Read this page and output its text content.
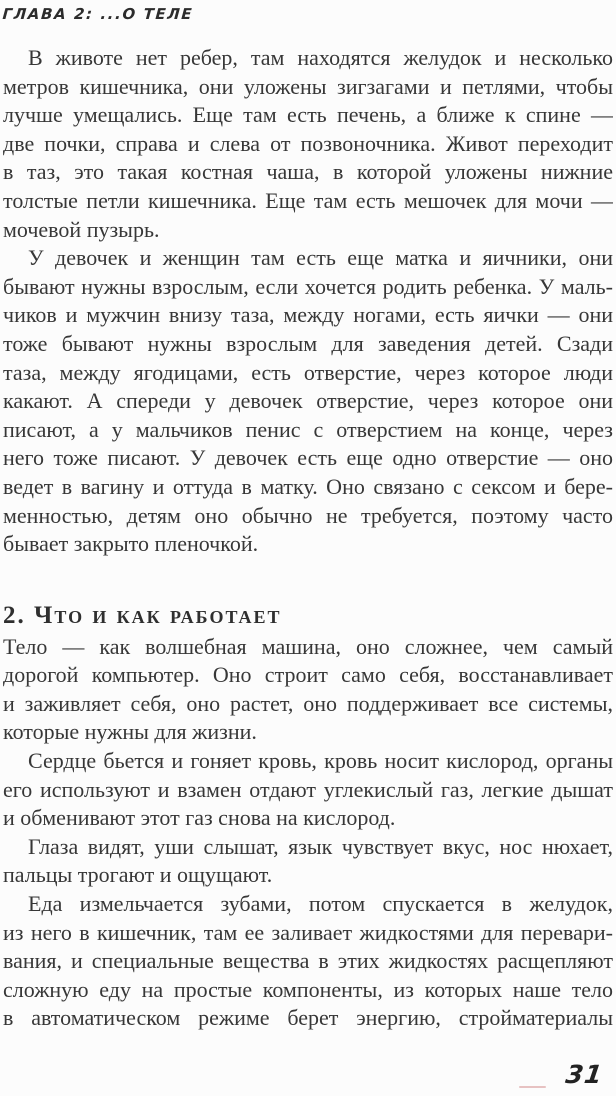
ГЛАВА 2: ...О ТЕЛЕ
В животе нет ребер, там находятся желудок и несколько
метров кишечника, они уложены зигзагами и петлями, чтобы
лучше умещались. Еще там есть печень, а ближе к спине —
две почки, справа и слева от позвоночника. Живот переходит
в таз, это такая костная чаша, в которой уложены нижние
толстые петли кишечника. Еще там есть мешочек для мочи —
мочевой пузырь.
У девочек и женщин там есть еще матка и яичники, они
бывают нужны взрослым, если хочется родить ребенка. У маль-
чиков и мужчин внизу таза, между ногами, есть яички — они
тоже бывают нужны взрослым для заведения детей. Сзади
таза, между ягодицами, есть отверстие, через которое люди
какают. А спереди у девочек отверстие, через которое они
писают, а у мальчиков пенис с отверстием на конце, через
него тоже писают. У девочек есть еще одно отверстие — оно
ведет в вагину и оттуда в матку. Оно связано с сексом и бере-
менностью, детям оно обычно не требуется, поэтому часто
бывает закрыто пленочкой.
2. Что и как работает
Тело — как волшебная машина, оно сложнее, чем самый
дорогой компьютер. Оно строит само себя, восстанавливает
и заживляет себя, оно растет, оно поддерживает все системы,
которые нужны для жизни.
Сердце бьется и гоняет кровь, кровь носит кислород, органы
его используют и взамен отдают углекислый газ, легкие дышат
и обменивают этот газ снова на кислород.
Глаза видят, уши слышат, язык чувствует вкус, нос нюхает,
пальцы трогают и ощущают.
Еда измельчается зубами, потом спускается в желудок,
из него в кишечник, там ее заливает жидкостями для перевари-
вания, и специальные вещества в этих жидкостях расщепляют
сложную еду на простые компоненты, из которых наше тело
в автоматическом режиме берет энергию, стройматериалы
31
